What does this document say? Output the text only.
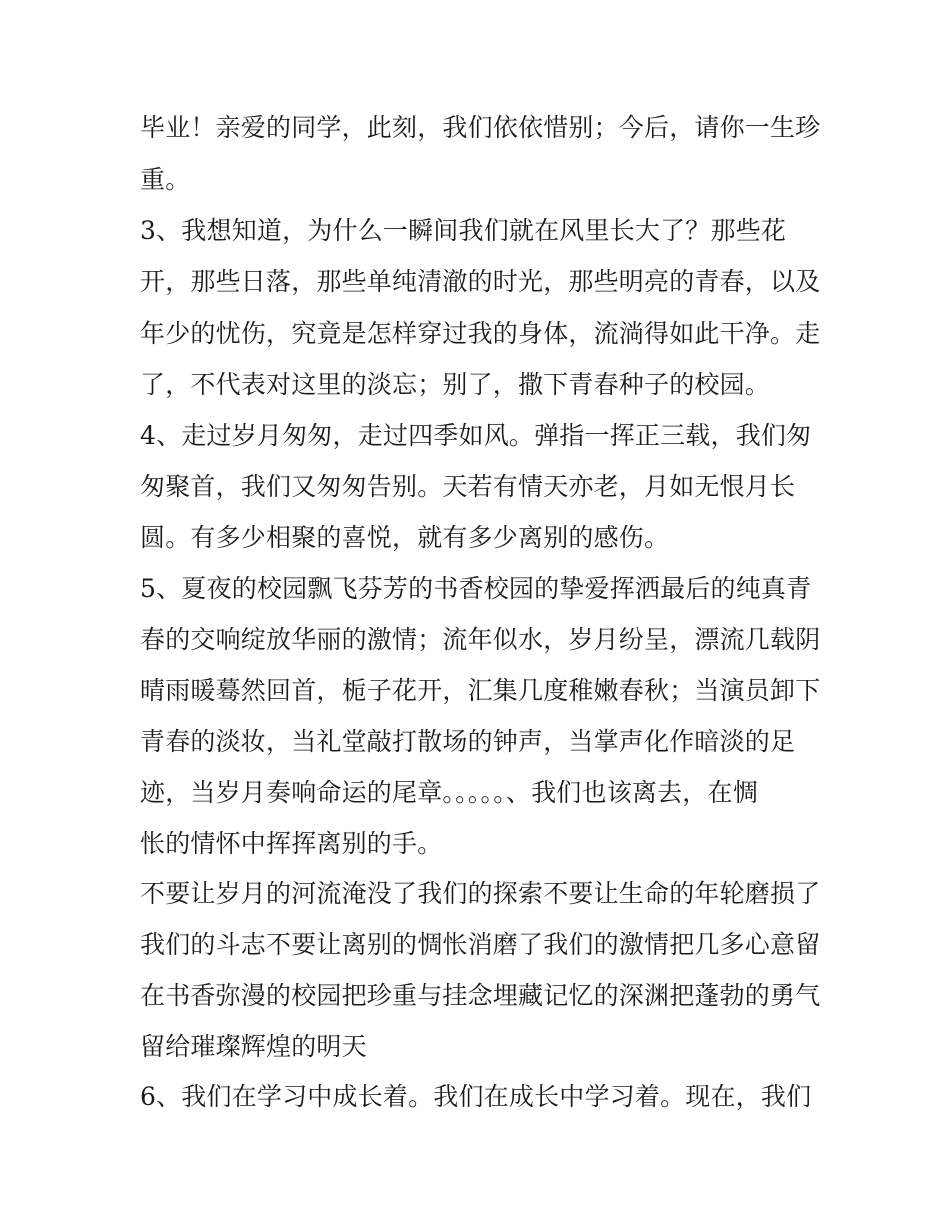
毕业！亲爱的同学，此刻，我们依依惜别；今后，请你一生珍
重。
3、我想知道，为什么一瞬间我们就在风里长大了？那些花
开，那些日落，那些单纯清澈的时光，那些明亮的青春，以及
年少的忧伤，究竟是怎样穿过我的身体，流淌得如此干净。走
了，不代表对这里的淡忘；别了，撒下青春种子的校园。
4、走过岁月匆匆，走过四季如风。弹指一挥正三载，我们匆
匆聚首，我们又匆匆告别。天若有情天亦老，月如无恨月长
圆。有多少相聚的喜悦，就有多少离别的感伤。
5、夏夜的校园飘飞芬芳的书香校园的挚爱挥洒最后的纯真青
春的交响绽放华丽的激情；流年似水，岁月纷呈，漂流几载阴
晴雨暖蓦然回首，栀子花开，汇集几度稚嫩春秋；当演员卸下
青春的淡妆，当礼堂敲打散场的钟声，当掌声化作暗淡的足
迹，当岁月奏响命运的尾章。。。。。、我们也该离去，在惆
怅的情怀中挥挥离别的手。
不要让岁月的河流淹没了我们的探索不要让生命的年轮磨损了
我们的斗志不要让离别的惆怅消磨了我们的激情把几多心意留
在书香弥漫的校园把珍重与挂念埋藏记忆的深渊把蓬勃的勇气
留给璀璨辉煌的明天
6、我们在学习中成长着。我们在成长中学习着。现在，我们
